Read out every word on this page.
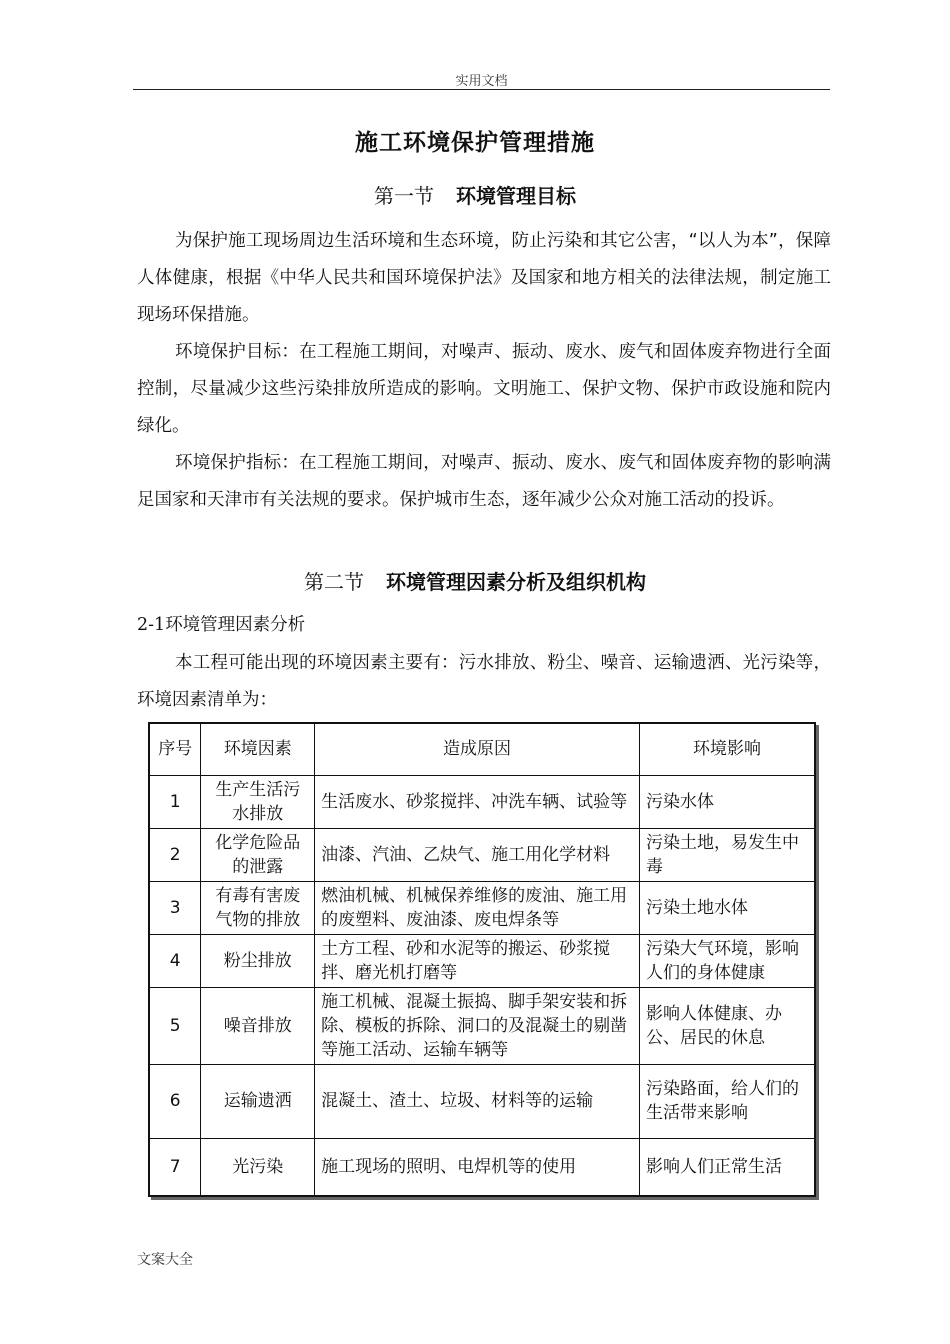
实用文档
施工环境保护管理措施
第一节 环境管理目标

为保护施工现场周边生活环境和生态环境，防止污染和其它公害，“以人为本”，保障人体健康，根据《中华人民共和国环境保护法》及国家和地方相关的法律法规，制定施工现场环保措施。

环境保护目标：在工程施工期间，对噪声、振动、废水、废气和固体废弃物进行全面控制，尽量减少这些污染排放所造成的影响。文明施工、保护文物、保护市政设施和院内绿化。

环境保护指标：在工程施工期间，对噪声、振动、废水、废气和固体废弃物的影响满足国家和天津市有关法规的要求。保护城市生态，逐年减少公众对施工活动的投诉。

第二节 环境管理因素分析及组织机构
2-1环境管理因素分析

本工程可能出现的环境因素主要有：污水排放、粉尘、噪音、运输遗洒、光污染等，环境因素清单为：

序号	环境因素	造成原因	环境影响
1	生产生活污水排放	生活废水、砂浆搅拌、冲洗车辆、试验等	污染水体
2	化学危险品的泄露	油漆、汽油、乙炔气、施工用化学材料	污染土地，易发生中毒
3	有毒有害废气物的排放	燃油机械、机械保养维修的废油、施工用的废塑料、废油漆、废电焊条等	污染土地水体
4	粉尘排放	土方工程、砂和水泥等的搬运、砂浆搅拌、磨光机打磨等	污染大气环境，影响人们的身体健康
5	噪音排放	施工机械、混凝土振捣、脚手架安装和拆除、模板的拆除、洞口的及混凝土的剔凿等施工活动、运输车辆等	影响人体健康、办公、居民的休息
6	运输遗洒	混凝土、渣土、垃圾、材料等的运输	污染路面，给人们的生活带来影响
7	光污染	施工现场的照明、电焊机等的使用	影响人们正常生活
文案大全
